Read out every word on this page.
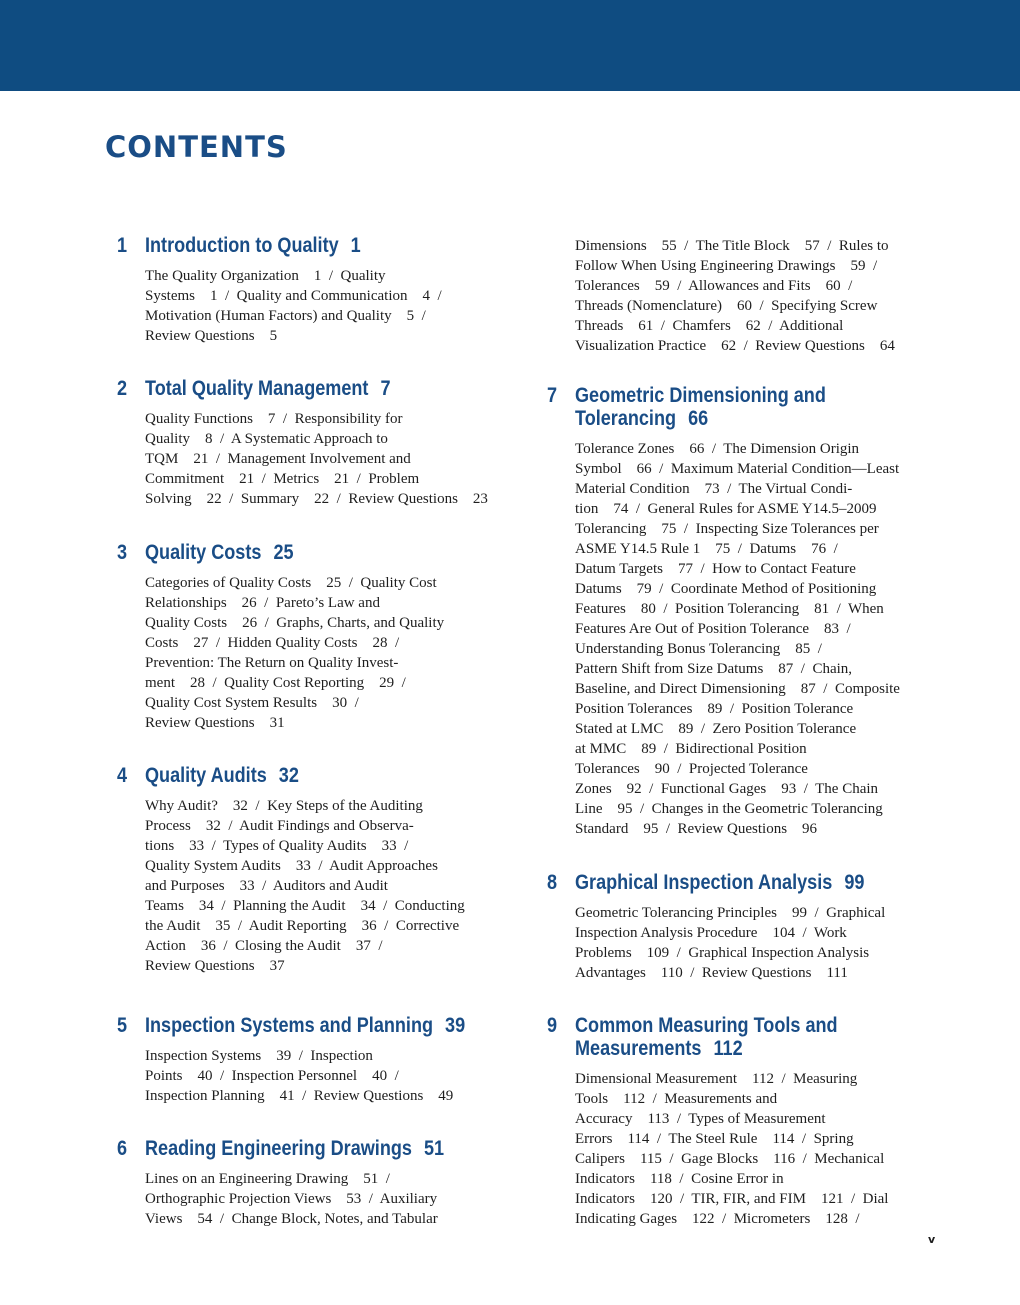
CONTENTS
1 Introduction to Quality 1
The Quality Organization    1  /  Quality
Systems    1  /  Quality and Communication    4  /
Motivation (Human Factors) and Quality    5  /
Review Questions    5
2 Total Quality Management 7
Quality Functions    7  /  Responsibility for
Quality    8  /  A Systematic Approach to
TQM    21  /  Management Involvement and
Commitment    21  /  Metrics    21  /  Problem
Solving    22  /  Summary    22  /  Review Questions    23
3 Quality Costs 25
Categories of Quality Costs    25  /  Quality Cost
Relationships    26  /  Pareto’s Law and
Quality Costs    26  /  Graphs, Charts, and Quality
Costs    27  /  Hidden Quality Costs    28  /
Prevention: The Return on Quality Invest-
ment    28  /  Quality Cost Reporting    29  /
Quality Cost System Results    30  /
Review Questions    31
4 Quality Audits 32
Why Audit?    32  /  Key Steps of the Auditing
Process    32  /  Audit Findings and Observa-
tions    33  /  Types of Quality Audits    33  /
Quality System Audits    33  /  Audit Approaches
and Purposes    33  /  Auditors and Audit
Teams    34  /  Planning the Audit    34  /  Conducting
the Audit    35  /  Audit Reporting    36  /  Corrective
Action    36  /  Closing the Audit    37  /
Review Questions    37
5 Inspection Systems and Planning 39
Inspection Systems    39  /  Inspection
Points    40  /  Inspection Personnel    40  /
Inspection Planning    41  /  Review Questions    49
6 Reading Engineering Drawings 51
Lines on an Engineering Drawing    51  /
Orthographic Projection Views    53  /  Auxiliary
Views    54  /  Change Block, Notes, and Tabular
Dimensions    55  /  The Title Block    57  /  Rules to
Follow When Using Engineering Drawings    59  /
Tolerances    59  /  Allowances and Fits    60  /
Threads (Nomenclature)    60  /  Specifying Screw
Threads    61  /  Chamfers    62  /  Additional
Visualization Practice    62  /  Review Questions    64
7 Geometric Dimensioning and
Tolerancing 66
Tolerance Zones    66  /  The Dimension Origin
Symbol    66  /  Maximum Material Condition—Least
Material Condition    73  /  The Virtual Condi-
tion    74  /  General Rules for ASME Y14.5–2009
Tolerancing    75  /  Inspecting Size Tolerances per
ASME Y14.5 Rule 1    75  /  Datums    76  /
Datum Targets    77  /  How to Contact Feature
Datums    79  /  Coordinate Method of Positioning
Features    80  /  Position Tolerancing    81  /  When
Features Are Out of Position Tolerance    83  /
Understanding Bonus Tolerancing    85  /
Pattern Shift from Size Datums    87  /  Chain,
Baseline, and Direct Dimensioning    87  /  Composite
Position Tolerances    89  /  Position Tolerance
Stated at LMC    89  /  Zero Position Tolerance
at MMC    89  /  Bidirectional Position
Tolerances    90  /  Projected Tolerance
Zones    92  /  Functional Gages    93  /  The Chain
Line    95  /  Changes in the Geometric Tolerancing
Standard    95  /  Review Questions    96
8 Graphical Inspection Analysis 99
Geometric Tolerancing Principles    99  /  Graphical
Inspection Analysis Procedure    104  /  Work
Problems    109  /  Graphical Inspection Analysis
Advantages    110  /  Review Questions    111
9 Common Measuring Tools and
Measurements 112
Dimensional Measurement    112  /  Measuring
Tools    112  /  Measurements and
Accuracy    113  /  Types of Measurement
Errors    114  /  The Steel Rule    114  /  Spring
Calipers    115  /  Gage Blocks    116  /  Mechanical
Indicators    118  /  Cosine Error in
Indicators    120  /  TIR, FIR, and FIM    121  /  Dial
Indicating Gages    122  /  Micrometers    128  /
v
